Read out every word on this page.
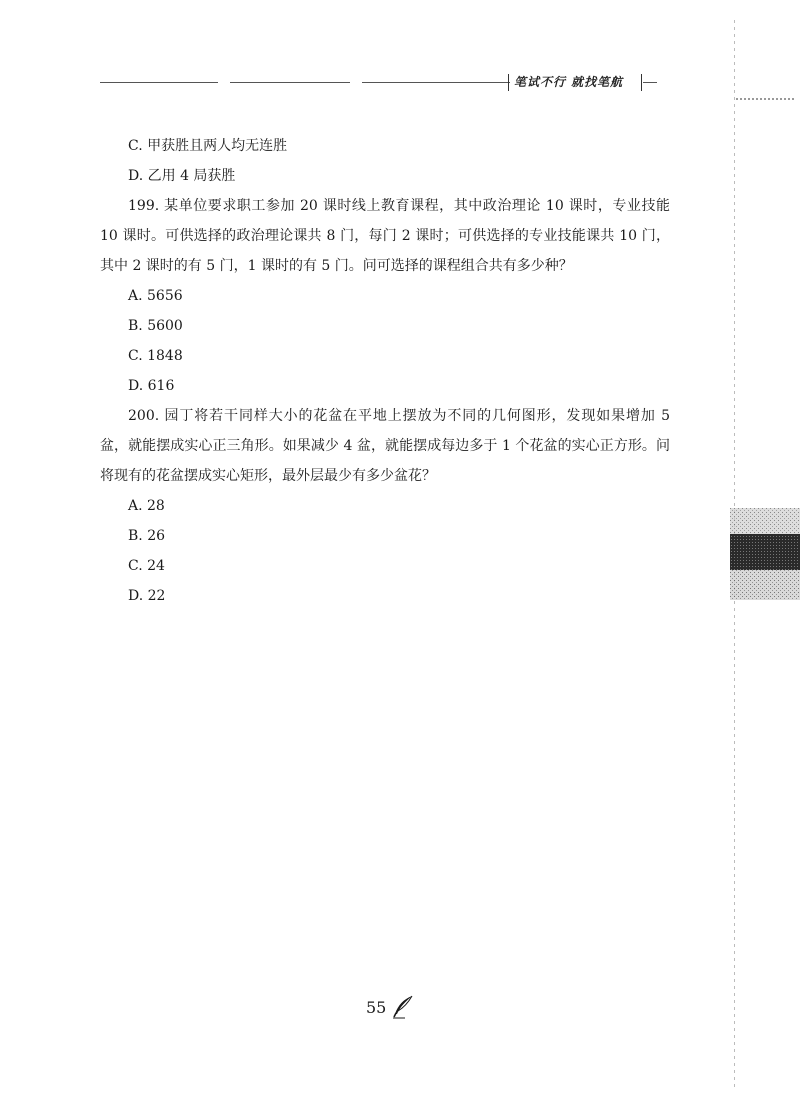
笔试不行 就找笔航

C. 甲获胜且两人均无连胜

D. 乙用 4 局获胜

199. 某单位要求职工参加 20 课时线上教育课程，其中政治理论 10 课时，专业技能 10 课时。可供选择的政治理论课共 8 门，每门 2 课时；可供选择的专业技能课共 10 门，其中 2 课时的有 5 门，1 课时的有 5 门。问可选择的课程组合共有多少种？

A. 5656

B. 5600

C. 1848

D. 616

200. 园丁将若干同样大小的花盆在平地上摆放为不同的几何图形，发现如果增加 5 盆，就能摆成实心正三角形。如果减少 4 盆，就能摆成每边多于 1 个花盆的实心正方形。问将现有的花盆摆成实心矩形，最外层最少有多少盆花？

A. 28

B. 26

C. 24

D. 22

55
